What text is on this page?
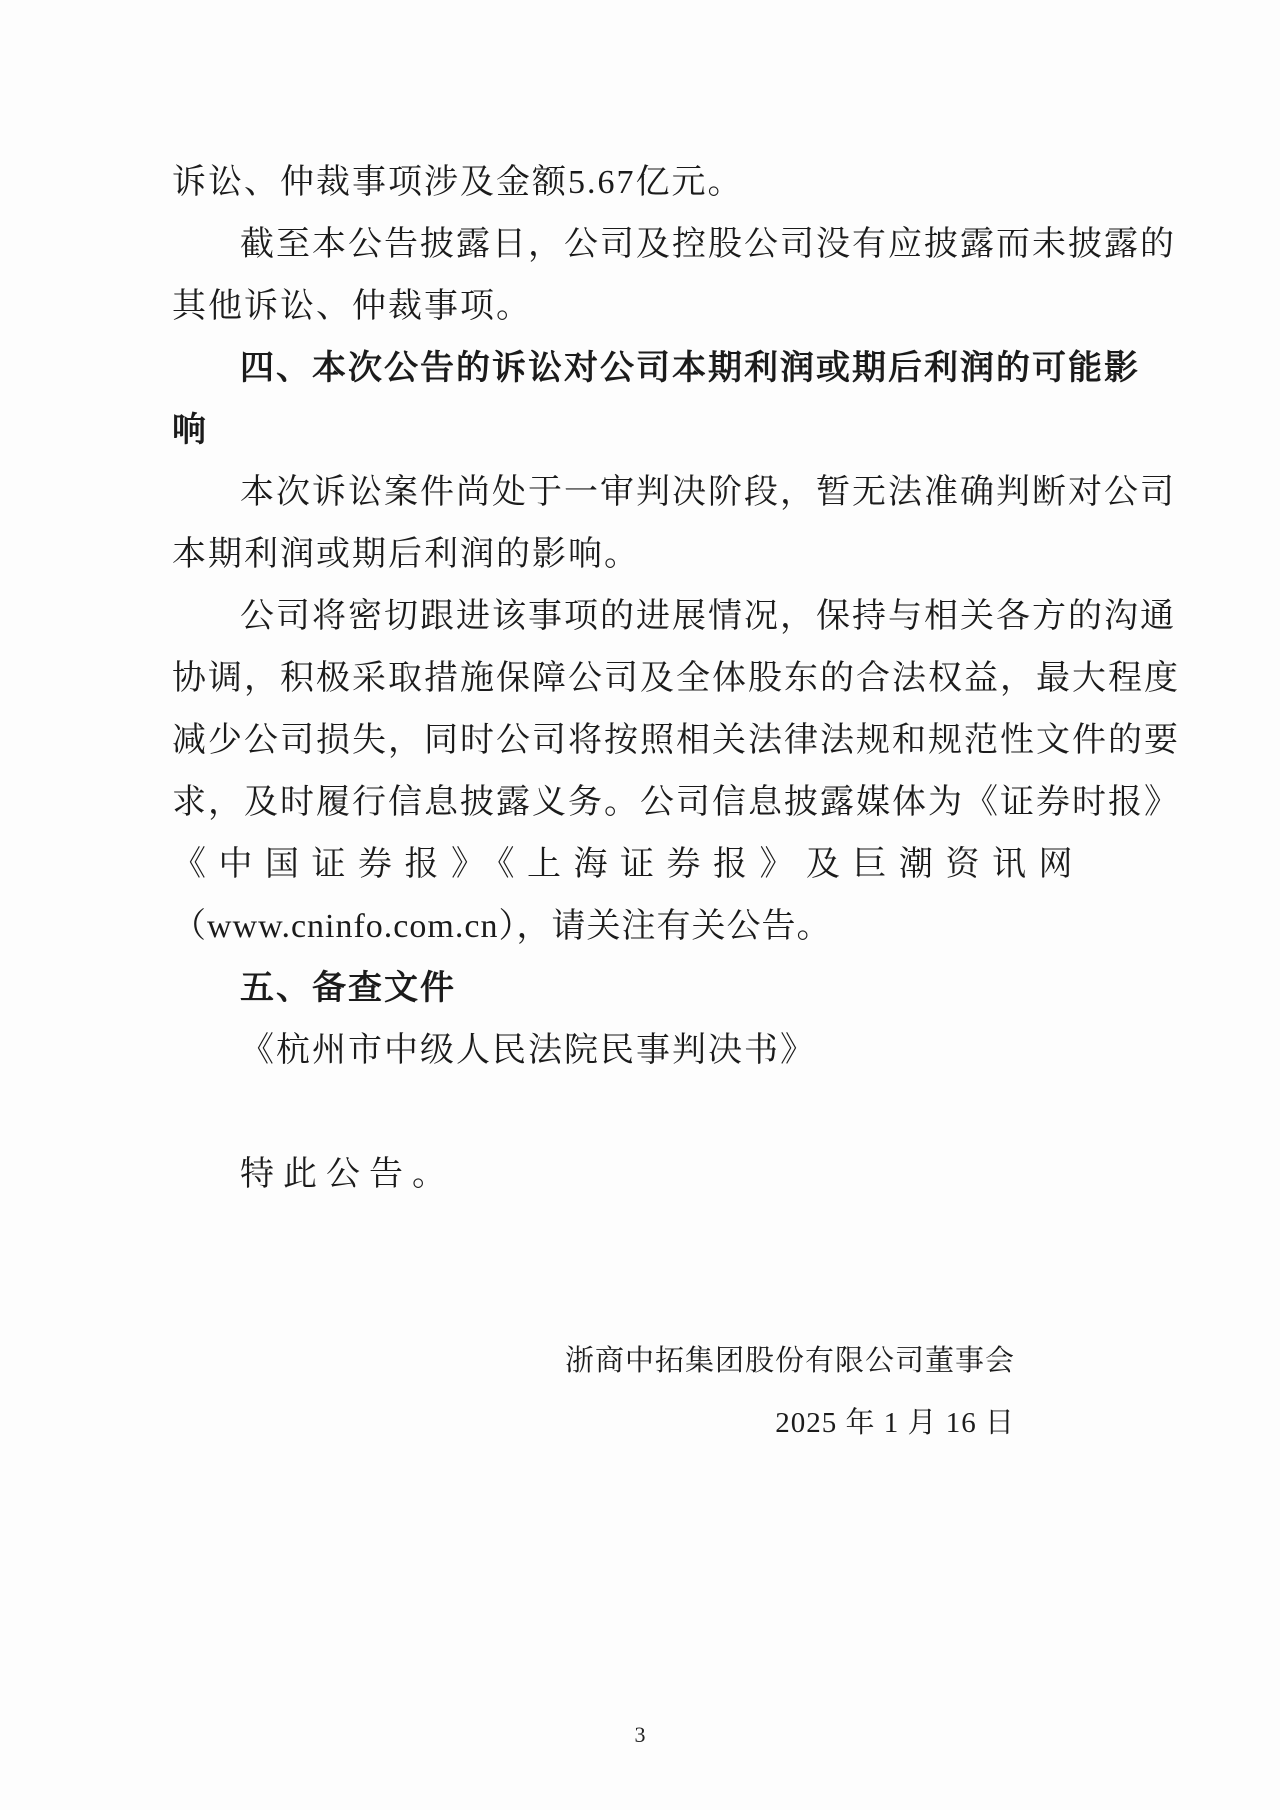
诉讼、仲裁事项涉及金额5.67亿元。
截至本公告披露日，公司及控股公司没有应披露而未披露的
其他诉讼、仲裁事项。
四、本次公告的诉讼对公司本期利润或期后利润的可能影
响
本次诉讼案件尚处于一审判决阶段，暂无法准确判断对公司
本期利润或期后利润的影响。
公司将密切跟进该事项的进展情况，保持与相关各方的沟通
协调，积极采取措施保障公司及全体股东的合法权益，最大程度
减少公司损失，同时公司将按照相关法律法规和规范性文件的要
求，及时履行信息披露义务。公司信息披露媒体为《证券时报》
《中国证券报》《上海证券报》及巨潮资讯网
（www.cninfo.com.cn），请关注有关公告。
五、备查文件
《杭州市中级人民法院民事判决书》
特此公告。
浙商中拓集团股份有限公司董事会
2025 年 1 月 16 日
3
